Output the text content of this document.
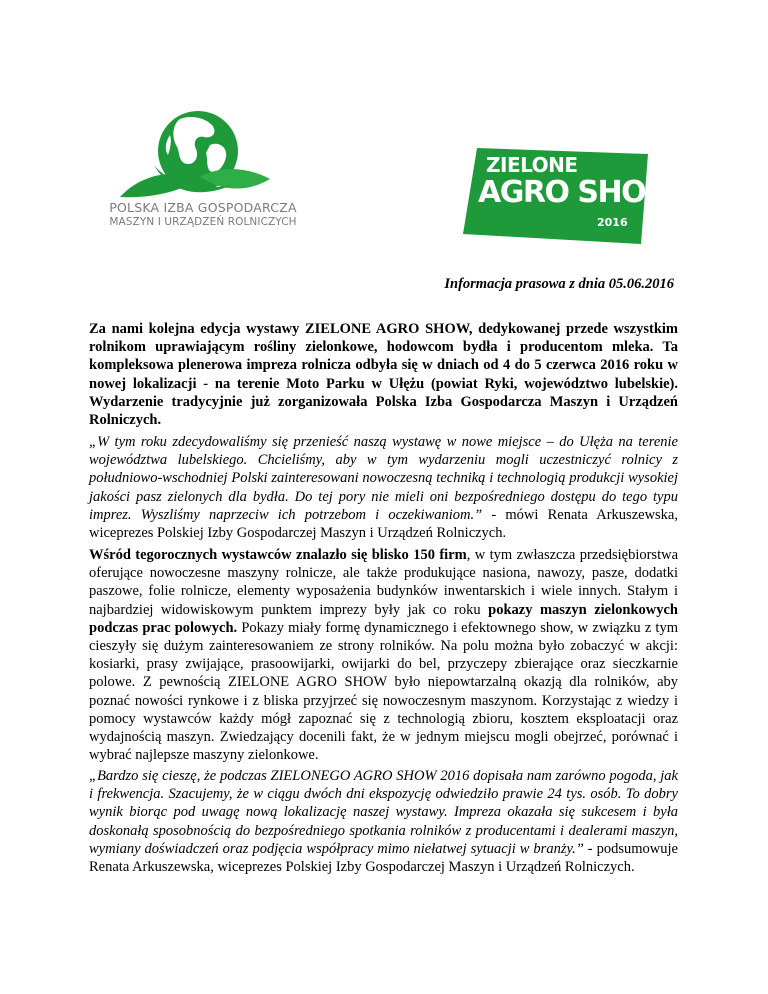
POLSKA IZBA GOSPODARCZA
MASZYN I URZĄDZEŃ ROLNICZYCH
ZIELONE
AGRO SHOW
2016
Informacja prasowa z dnia 05.06.2016

Za nami kolejna edycja wystawy ZIELONE AGRO SHOW, dedykowanej przede wszystkim rolnikom uprawiającym rośliny zielonkowe, hodowcom bydła i producentom mleka. Ta kompleksowa plenerowa impreza rolnicza odbyła się w dniach od 4 do 5 czerwca 2016 roku w nowej lokalizacji - na terenie Moto Parku w Ułężu (powiat Ryki, województwo lubelskie). Wydarzenie tradycyjnie już zorganizowała Polska Izba Gospodarcza Maszyn i Urządzeń Rolniczych.

„W tym roku zdecydowaliśmy się przenieść naszą wystawę w nowe miejsce – do Ułęża na terenie województwa lubelskiego. Chcieliśmy, aby w tym wydarzeniu mogli uczestniczyć rolnicy z południowo-wschodniej Polski zainteresowani nowoczesną techniką i technologią produkcji wysokiej jakości pasz zielonych dla bydła. Do tej pory nie mieli oni bezpośredniego dostępu do tego typu imprez. Wyszliśmy naprzeciw ich potrzebom i oczekiwaniom.” - mówi Renata Arkuszewska, wiceprezes Polskiej Izby Gospodarczej Maszyn i Urządzeń Rolniczych.

Wśród tegorocznych wystawców znalazło się blisko 150 firm, w tym zwłaszcza przedsiębiorstwa oferujące nowoczesne maszyny rolnicze, ale także produkujące nasiona, nawozy, pasze, dodatki paszowe, folie rolnicze, elementy wyposażenia budynków inwentarskich i wiele innych. Stałym i najbardziej widowiskowym punktem imprezy były jak co roku pokazy maszyn zielonkowych podczas prac polowych. Pokazy miały formę dynamicznego i efektownego show, w związku z tym cieszyły się dużym zainteresowaniem ze strony rolników. Na polu można było zobaczyć w akcji: kosiarki, prasy zwijające, prasoowijarki, owijarki do bel, przyczepy zbierające oraz sieczkarnie polowe. Z pewnością ZIELONE AGRO SHOW było niepowtarzalną okazją dla rolników, aby poznać nowości rynkowe i z bliska przyjrzeć się nowoczesnym maszynom. Korzystając z wiedzy i pomocy wystawców każdy mógł zapoznać się z technologią zbioru, kosztem eksploatacji oraz wydajnością maszyn. Zwiedzający docenili fakt, że w jednym miejscu mogli obejrzeć, porównać i wybrać najlepsze maszyny zielonkowe.

„Bardzo się cieszę, że podczas ZIELONEGO AGRO SHOW 2016 dopisała nam zarówno pogoda, jak i frekwencja. Szacujemy, że w ciągu dwóch dni ekspozycję odwiedziło prawie 24 tys. osób. To dobry wynik biorąc pod uwagę nową lokalizację naszej wystawy. Impreza okazała się sukcesem i była doskonałą sposobnością do bezpośredniego spotkania rolników z producentami i dealerami maszyn, wymiany doświadczeń oraz podjęcia współpracy mimo niełatwej sytuacji w branży.” - podsumowuje Renata Arkuszewska, wiceprezes Polskiej Izby Gospodarczej Maszyn i Urządzeń Rolniczych.
